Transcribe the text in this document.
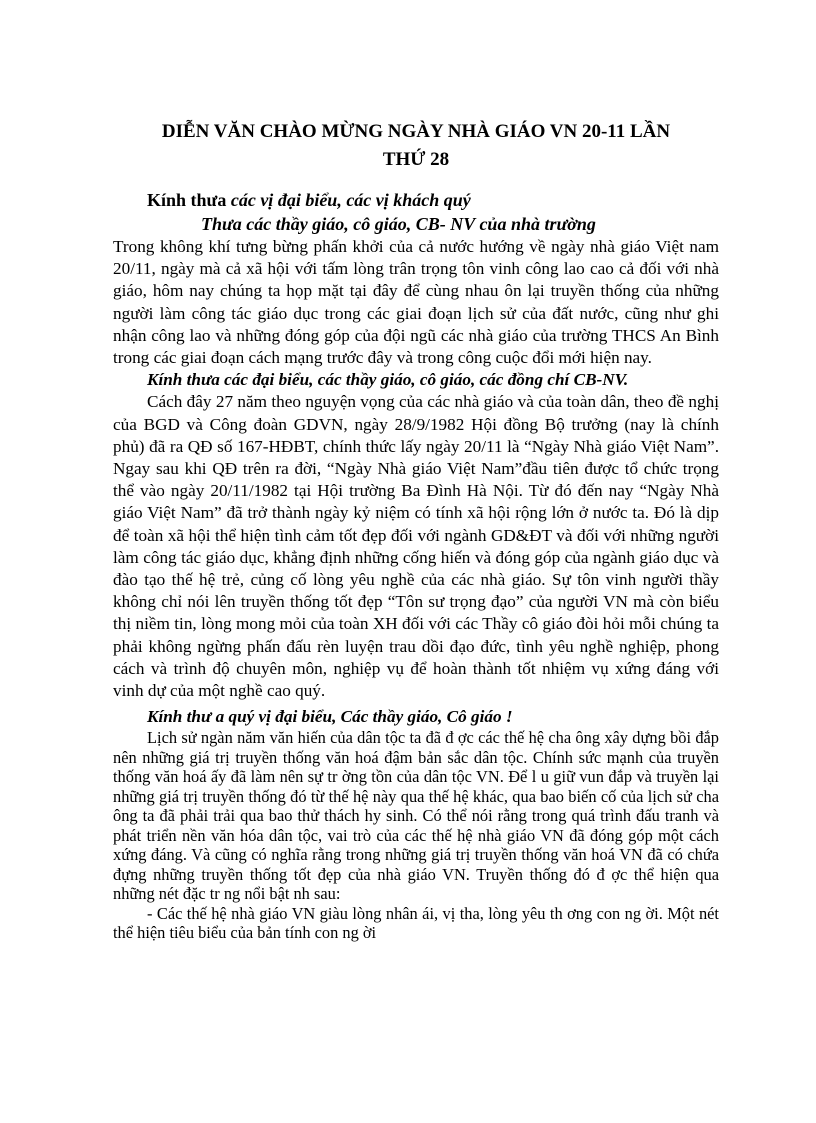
DIỄN VĂN CHÀO MỪNG NGÀY NHÀ GIÁO VN 20-11 LẦN
THỨ 28
Kính thưa các vị đại biểu, các vị khách quý
Thưa các thầy giáo, cô giáo, CB- NV của nhà trường

Trong không khí tưng bừng phấn khởi của cả nước hướng về ngày nhà giáo Việt nam 20/11, ngày mà cả xã hội với tấm lòng trân trọng tôn vinh công lao cao cả đối với nhà giáo, hôm nay chúng ta họp mặt tại đây để cùng nhau ôn lại truyền thống của những người làm công tác giáo dục trong các giai đoạn lịch sử của đất nước, cũng như ghi nhận công lao và những đóng góp của đội ngũ các nhà giáo của trường THCS An Bình trong các giai đoạn cách mạng trước đây và trong công cuộc đổi mới hiện nay.

Kính thưa các đại biểu, các thầy giáo, cô giáo, các đồng chí CB-NV.

Cách đây 27 năm theo nguyện vọng của các nhà giáo và của toàn dân, theo đề nghị của BGD và Công đoàn GDVN, ngày 28/9/1982 Hội đồng Bộ trưởng (nay là chính phủ) đã ra QĐ số 167-HĐBT, chính thức lấy ngày 20/11 là “Ngày Nhà giáo Việt Nam”. Ngay sau khi QĐ trên ra đời, “Ngày Nhà giáo Việt Nam”đầu tiên được tổ chức trọng thể vào ngày 20/11/1982 tại Hội trường Ba Đình Hà Nội. Từ đó đến nay “Ngày Nhà giáo Việt Nam” đã trở thành ngày kỷ niệm có tính xã hội rộng lớn ở nước ta. Đó là dịp để toàn xã hội thể hiện tình cảm tốt đẹp đối với ngành GD&ĐT và đối với những người làm công tác giáo dục, khẳng định những cống hiến và đóng góp của ngành giáo dục và đào tạo thế hệ trẻ, củng cố lòng yêu nghề của các nhà giáo. Sự tôn vinh người thầy không chỉ nói lên truyền thống tốt đẹp “Tôn sư trọng đạo” của người VN mà còn biểu thị niềm tin, lòng mong mỏi của toàn XH đối với các Thầy cô giáo đòi hỏi mỗi chúng ta phải không ngừng phấn đấu rèn luyện trau dồi đạo đức, tình yêu nghề nghiệp, phong cách và trình độ chuyên môn, nghiệp vụ để hoàn thành tốt nhiệm vụ xứng đáng với vinh dự của một nghề cao quý.

Kính thư a quý vị đại biểu, Các thầy giáo, Cô giáo !

Lịch sử ngàn năm văn hiến của dân tộc ta đã đ ợc các thế hệ cha ông xây dựng bồi đắp nên những giá trị truyền thống văn hoá đậm bản sắc dân tộc. Chính sức mạnh của truyền thống văn hoá ấy đã làm nên sự tr ờng tồn của dân tộc VN. Để l u giữ vun đắp và truyền lại những giá trị truyền thống đó từ thế hệ này qua thế hệ khác, qua bao biến cố của lịch sử cha ông ta đã phải trải qua bao thử thách hy sinh. Có thể nói rằng trong quá trình đấu tranh và phát triển nền văn hóa dân tộc, vai trò của các thế hệ nhà giáo VN đã đóng góp một cách xứng đáng. Và cũng có nghĩa rằng trong những giá trị truyền thống văn hoá VN đã có chứa đựng những truyền thống tốt đẹp của nhà giáo VN. Truyền thống đó đ ợc thể hiện qua những nét đặc tr ng nổi bật nh sau:

- Các thế hệ nhà giáo VN giàu lòng nhân ái, vị tha, lòng yêu th ơng con ng ời. Một nét thể hiện tiêu biểu của bản tính con ng ời
